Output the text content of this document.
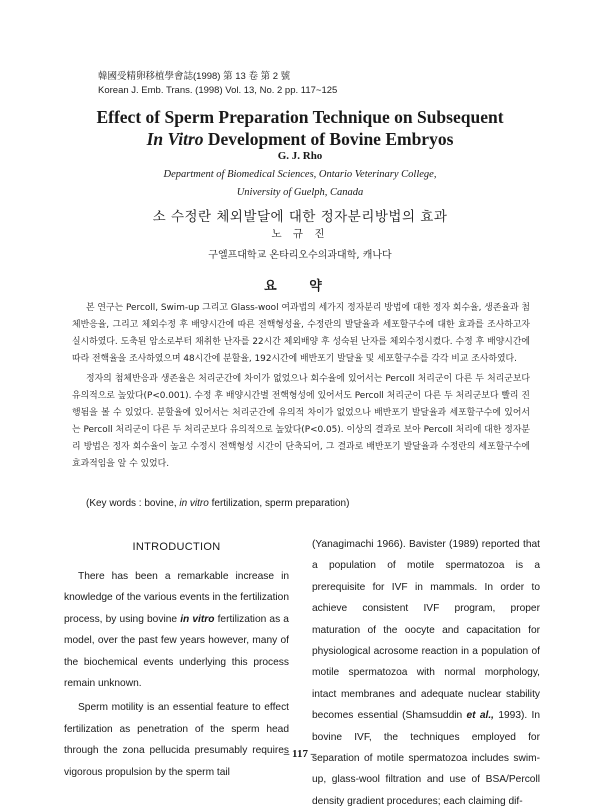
韓國受精卵移植學會誌(1998) 第 13 卷 第 2 號
Korean J. Emb. Trans. (1998) Vol. 13, No. 2 pp. 117~125
Effect of Sperm Preparation Technique on Subsequent
In Vitro Development of Bovine Embryos
G. J. Rho
Department of Biomedical Sciences, Ontario Veterinary College,
University of Guelph, Canada
소 수정란 체외발달에 대한 정자분리방법의 효과
노 규 진
구엘프대학교 온타리오수의과대학, 캐나다
요 약

본 연구는 Percoll, Swim-up 그리고 Glass-wool 여과법의 세가지 정자분리 방법에 대한 정자 회수율, 생존율과 첨체반응율, 그리고 체외수정 후 배양시간에 따른 전핵형성율, 수정란의 발달율과 세포할구수에 대한 효과를 조사하고자 실시하였다. 도축된 암소로부터 채취한 난자를 22시간 체외배양 후 성숙된 난자를 체외수정시켰다. 수정 후 배양시간에 따라 전핵율을 조사하였으며 48시간에 분할율, 192시간에 배반포기 발달율 및 세포할구수를 각각 비교 조사하였다.

정자의 첨체반응과 생존율은 처리군간에 차이가 없었으나 회수율에 있어서는 Percoll 처리군이 다른 두 처리군보다 유의적으로 높았다(P<0.001). 수정 후 배양시간별 전핵형성에 있어서도 Percoll 처리군이 다른 두 처리군보다 빨리 진행됨을 볼 수 있었다. 분할율에 있어서는 처리군간에 유의적 차이가 없었으나 배반포기 발달율과 세포할구수에 있어서는 Percoll 처리군이 다른 두 처리군보다 유의적으로 높았다(P<0.05). 이상의 결과로 보아 Percoll 처리에 대한 정자분리 방법은 정자 회수율이 높고 수정시 전핵형성 시간이 단축되어, 그 결과로 배반포기 발달율과 수정란의 세포할구수에 효과적임을 알 수 있었다.

(Key words : bovine, in vitro fertilization, sperm preparation)
INTRODUCTION

There has been a remarkable increase in knowledge of the various events in the fertilization process, by using bovine in vitro fertilization as a model, over the past few years however, many of the biochemical events underlying this process remain unknown.

Sperm motility is an essential feature to effect fertilization as penetration of the sperm head through the zona pellucida presumably requires vigorous propulsion by the sperm tail

(Yanagimachi 1966). Bavister (1989) reported that a population of motile spermatozoa is a prerequisite for IVF in mammals. In order to achieve consistent IVF program, proper maturation of the oocyte and capacitation for physiological acrosome reaction in a population of motile spermatozoa with normal morphology, intact membranes and adequate nuclear stability becomes essential (Shamsuddin et al., 1993). In bovine IVF, the techniques employed for separation of motile spermatozoa includes swim-up, glass-wool filtration and use of BSA/Percoll density gradient procedures; each claiming dif-

– 117 –
